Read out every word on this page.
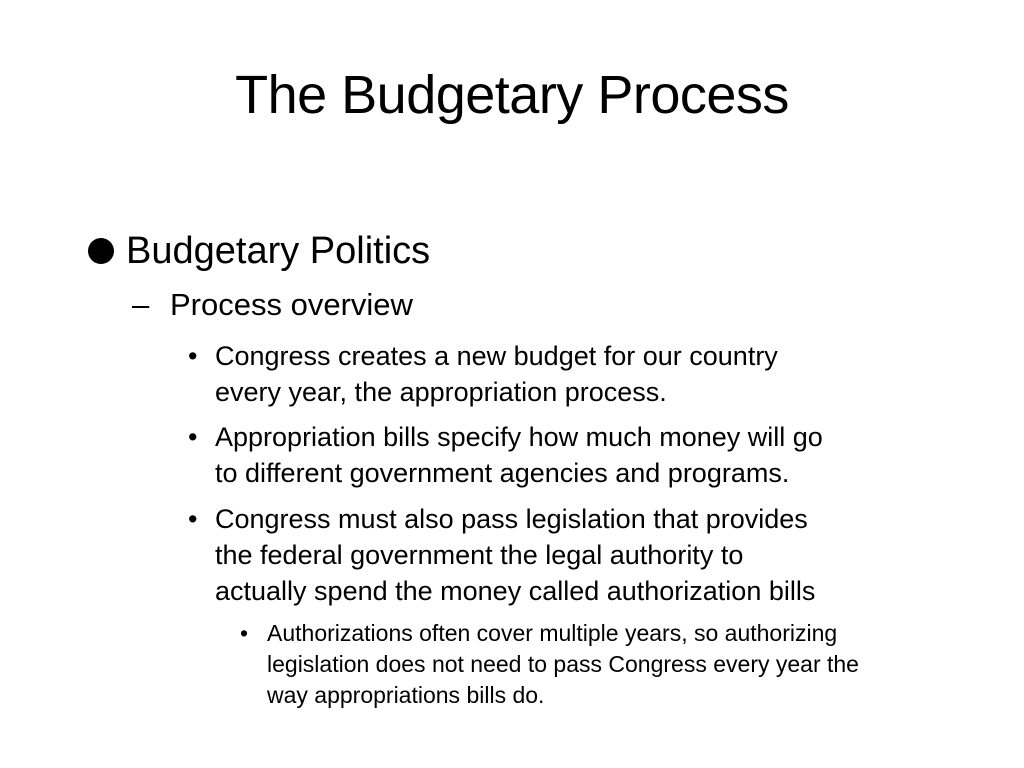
The Budgetary Process
Budgetary Politics
– Process overview
• Congress creates a new budget for our country
every year, the appropriation process.
• Appropriation bills specify how much money will go
to different government agencies and programs.
• Congress must also pass legislation that provides
the federal government the legal authority to
actually spend the money called authorization bills
• Authorizations often cover multiple years, so authorizing
legislation does not need to pass Congress every year the
way appropriations bills do.
